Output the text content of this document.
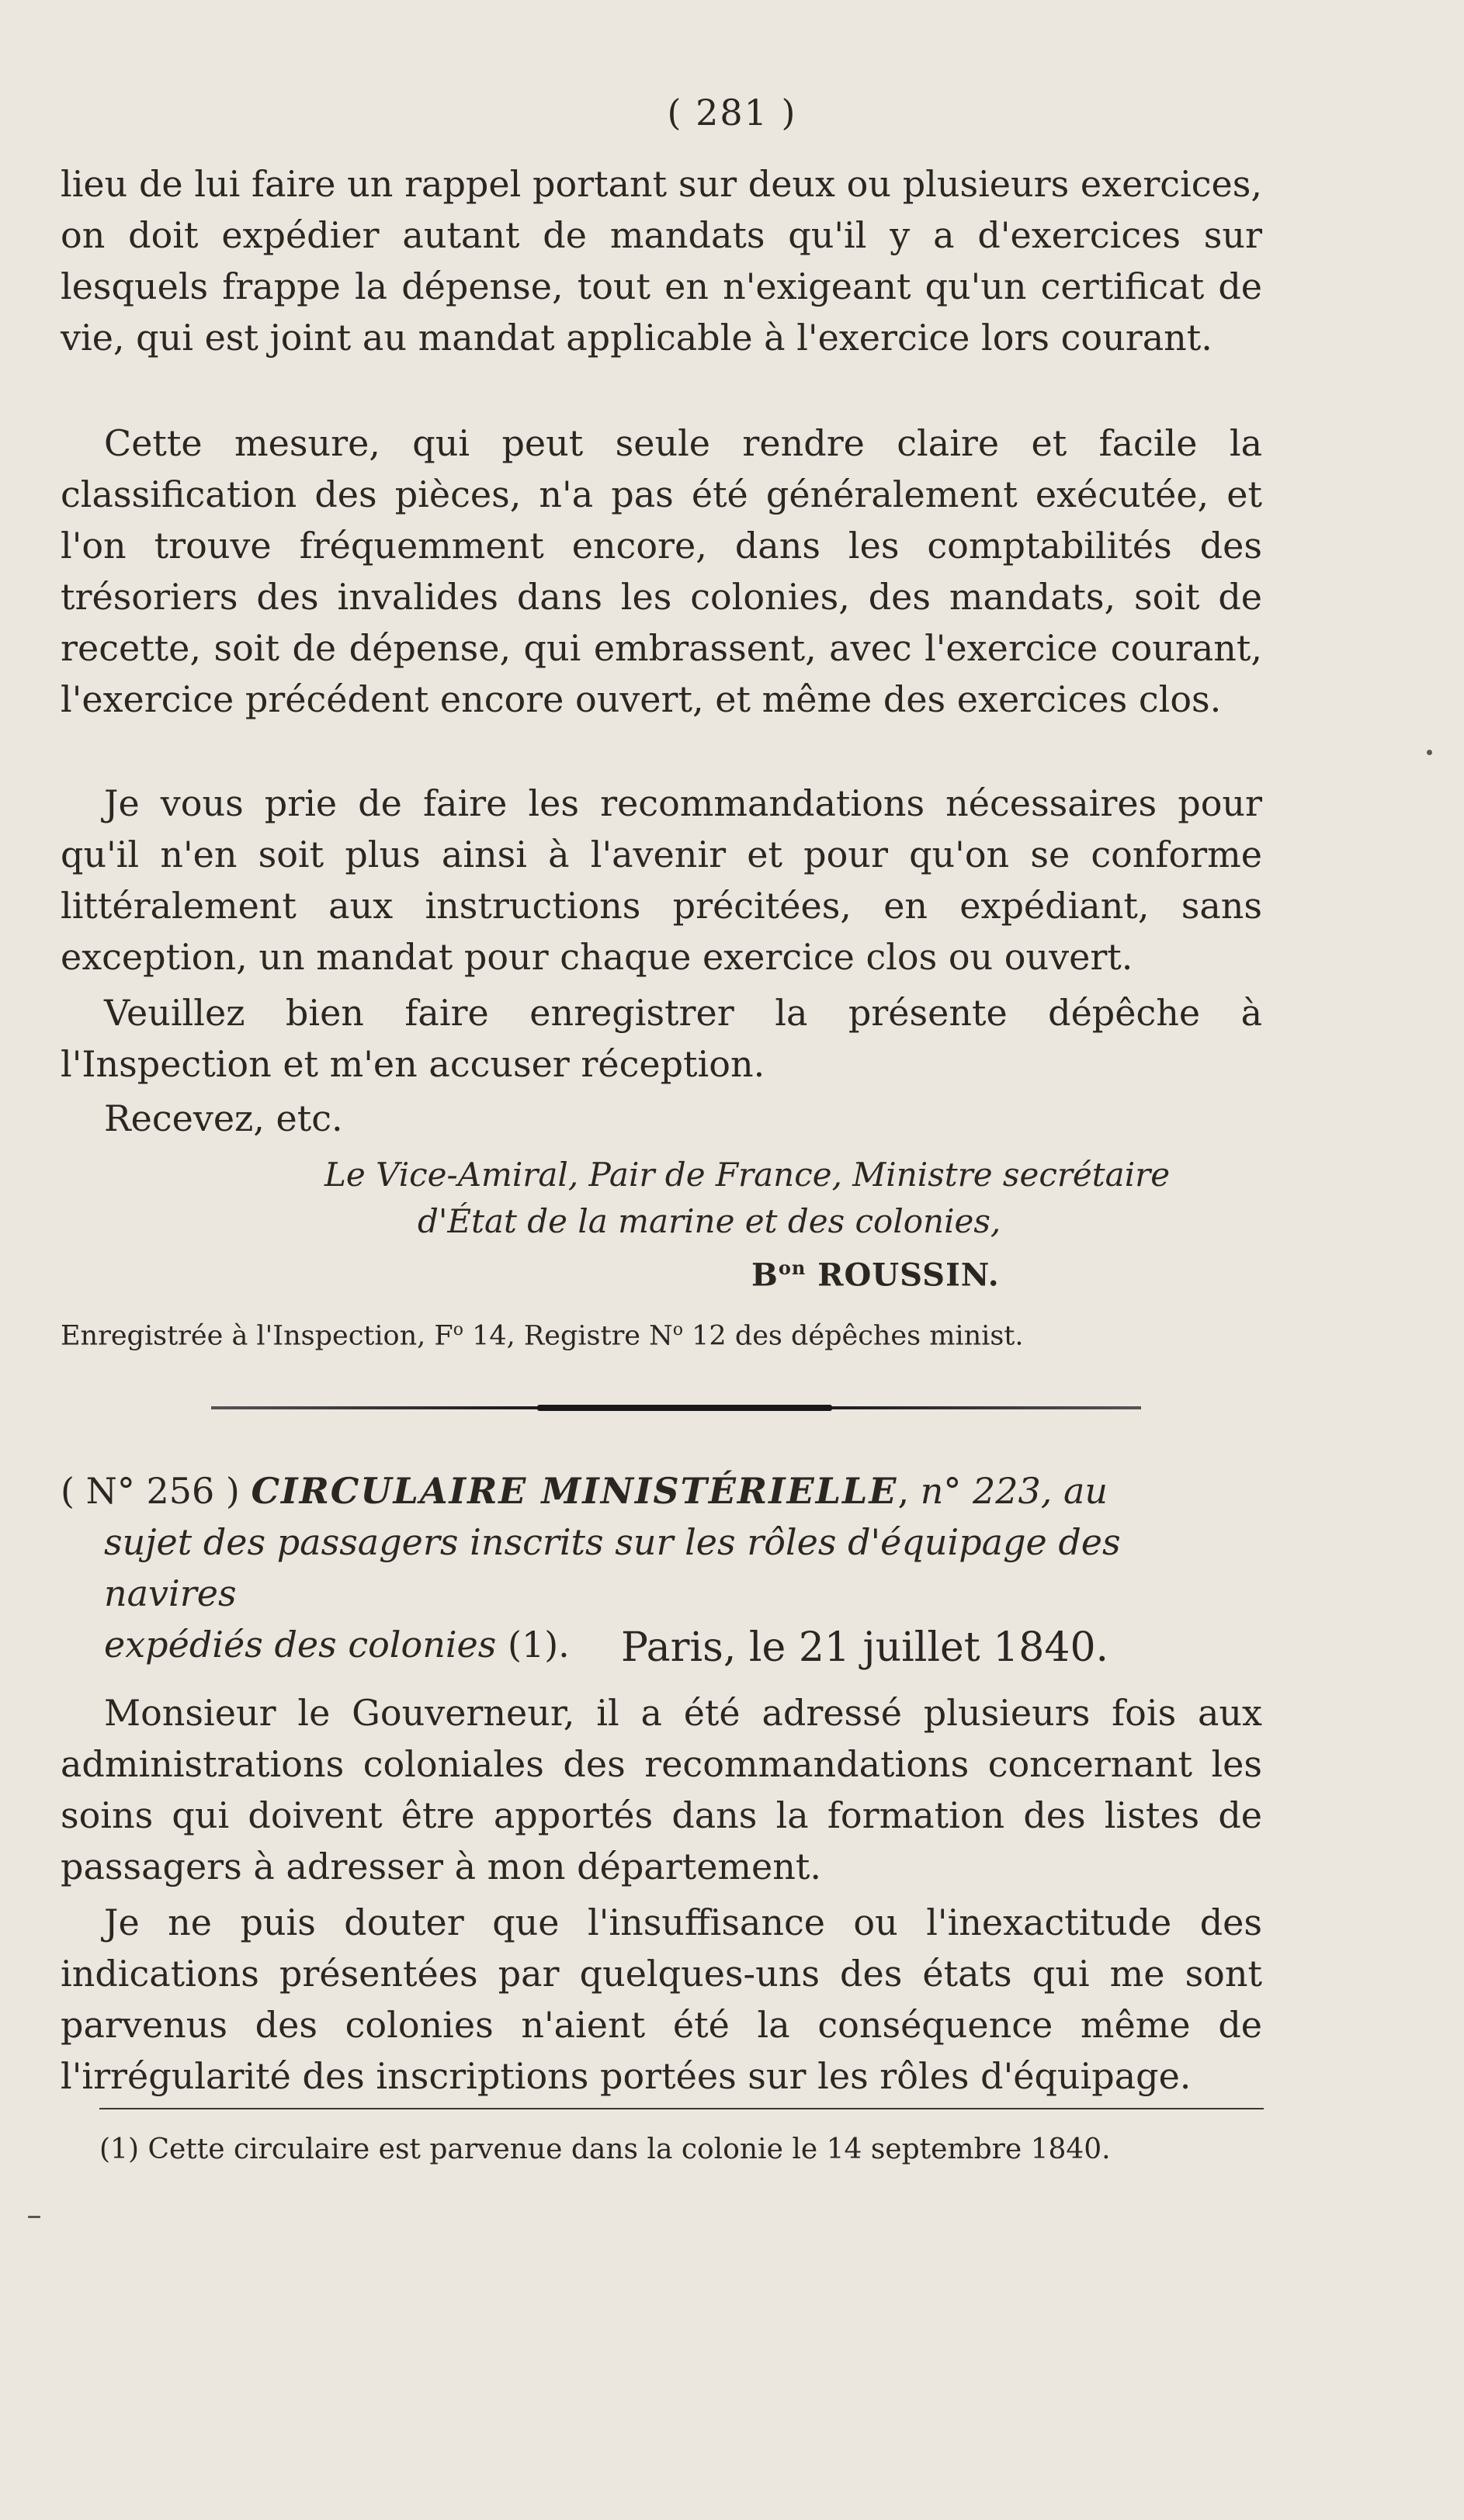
( 281 )

lieu de lui faire un rappel portant sur deux ou plusieurs exercices, on doit expédier autant de mandats qu'il y a d'exercices sur lesquels frappe la dépense, tout en n'exigeant qu'un certificat de vie, qui est joint au mandat applicable à l'exercice lors courant.

Cette mesure, qui peut seule rendre claire et facile la classification des pièces, n'a pas été généralement exécutée, et l'on trouve fréquemment encore, dans les comptabilités des trésoriers des invalides dans les colonies, des mandats, soit de recette, soit de dépense, qui embrassent, avec l'exercice courant, l'exercice précédent encore ouvert, et même des exercices clos.

Je vous prie de faire les recommandations nécessaires pour qu'il n'en soit plus ainsi à l'avenir et pour qu'on se conforme littéralement aux instructions précitées, en expédiant, sans exception, un mandat pour chaque exercice clos ou ouvert.

Veuillez bien faire enregistrer la présente dépêche à l'Inspection et m'en accuser réception.

Recevez, etc.

Le Vice-Amiral, Pair de France, Ministre secrétaire
d'État de la marine et des colonies,
$B^{on}$ ROUSSIN.
Enregistrée à l'Inspection, $F^o$ 14, Registre $N^o$ 12 des dépêches minist.
( N° 256 ) CIRCULAIRE MINISTÉRIELLE, n° 223, au
sujet des passagers inscrits sur les rôles d'équipage des navires
expédiés des colonies (1).	Paris, le 21 juillet 1840.

Monsieur le Gouverneur, il a été adressé plusieurs fois aux administrations coloniales des recommandations concernant les soins qui doivent être apportés dans la formation des listes de passagers à adresser à mon département.

Je ne puis douter que l'insuffisance ou l'inexactitude des indications présentées par quelques-uns des états qui me sont parvenus des colonies n'aient été la conséquence même de l'irrégularité des inscriptions portées sur les rôles d'équipage.

(1) Cette circulaire est parvenue dans la colonie le 14 septembre 1840.
